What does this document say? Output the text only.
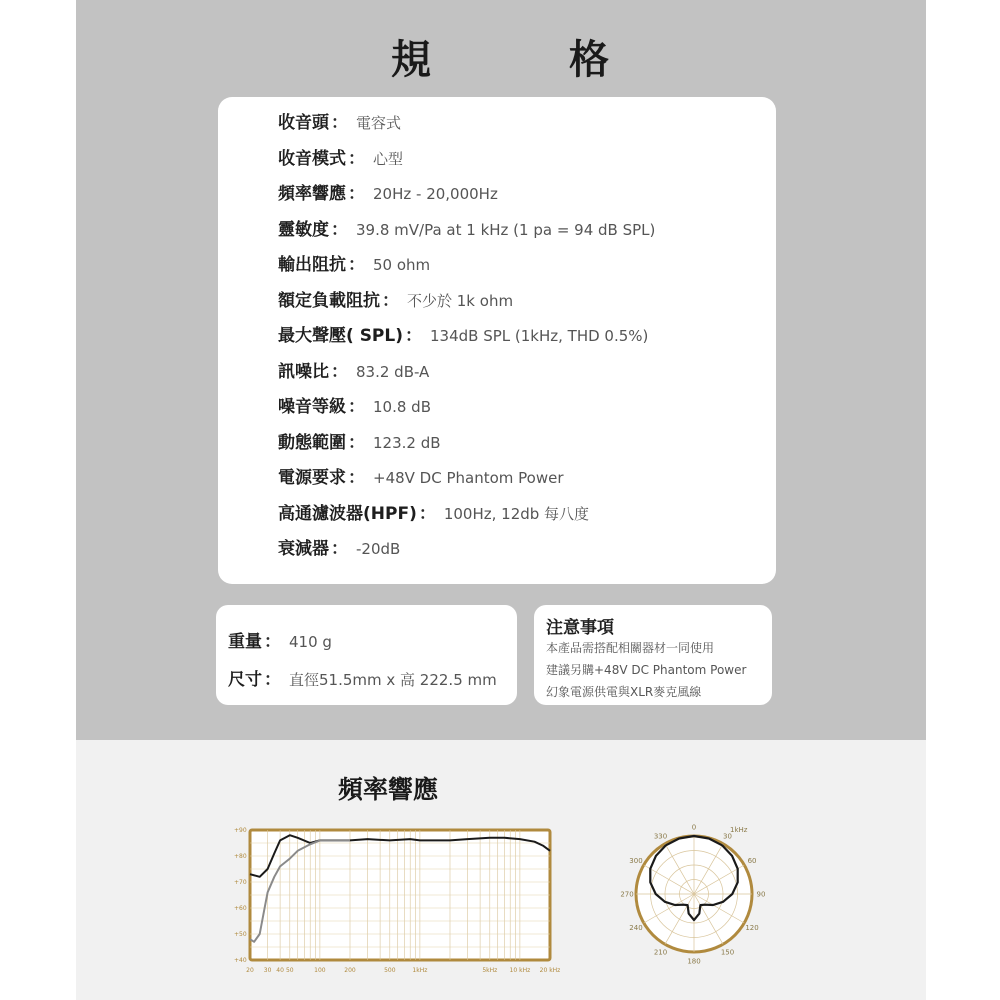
規 格
收音頭 ： 電容式
收音模式 ： 心型
頻率響應 ： 20Hz - 20,000Hz
靈敏度 ： 39.8 mV/Pa at 1 kHz (1 pa = 94 dB SPL)
輸出阻抗 ： 50 ohm
額定負載阻抗 ： 不少於 1k ohm
最大聲壓( SPL) ： 134dB SPL (1kHz, THD 0.5%)
訊噪比 ： 83.2 dB-A
噪音等級 ： 10.8 dB
動態範圍 ： 123.2 dB
電源要求 ： +48V DC Phantom Power
高通濾波器(HPF) ： 100Hz, 12db 每八度
衰減器 ： -20dB
重量 ： 410 g
尺寸 ： 直徑51.5mm x 高 222.5 mm
注意事項
本產品需搭配相關器材一同使用
建議另購+48V DC Phantom Power
幻象電源供電與XLR麥克風線
頻率響應
+90
+80
+70
+60
+50
+40
20 30 40 50	100	200	500	1kHz	5kHz 10 kHz 20 kHz
0
30
60
90
120
150
180
210
240
270
300
330
1kHz
